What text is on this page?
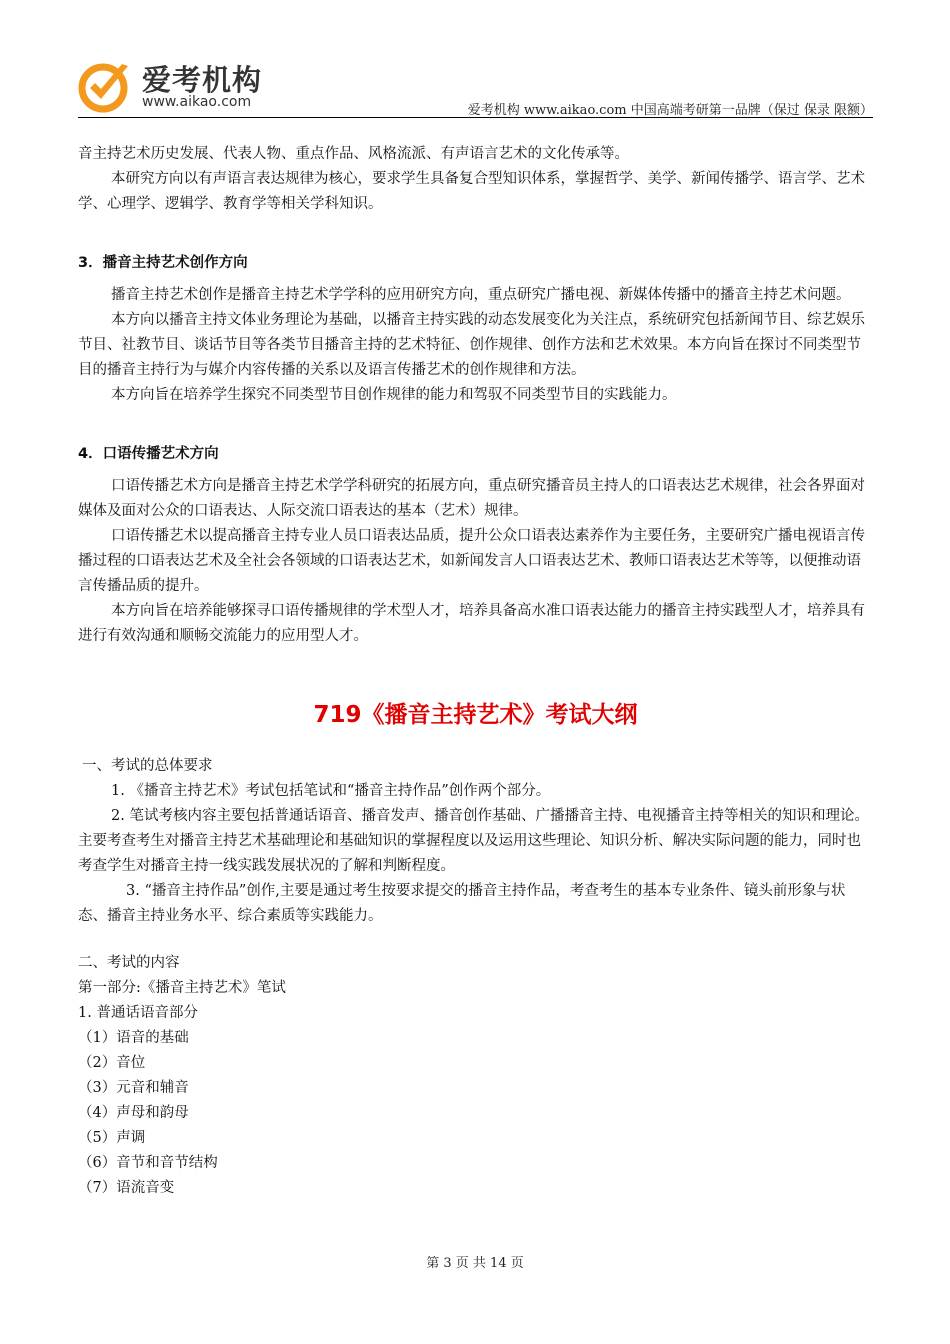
爱考机构
www.aikao.com
爱考机构 www.aikao.com 中国高端考研第一品牌（保过 保录 限额）

音主持艺术历史发展、代表人物、重点作品、风格流派、有声语言艺术的文化传承等。

本研究方向以有声语言表达规律为核心，要求学生具备复合型知识体系，掌握哲学、美学、新闻传播学、语言学、艺术学、心理学、逻辑学、教育学等相关学科知识。

3．播音主持艺术创作方向

播音主持艺术创作是播音主持艺术学学科的应用研究方向，重点研究广播电视、新媒体传播中的播音主持艺术问题。

本方向以播音主持文体业务理论为基础，以播音主持实践的动态发展变化为关注点，系统研究包括新闻节目、综艺娱乐节目、社教节目、谈话节目等各类节目播音主持的艺术特征、创作规律、创作方法和艺术效果。本方向旨在探讨不同类型节目的播音主持行为与媒介内容传播的关系以及语言传播艺术的创作规律和方法。

本方向旨在培养学生探究不同类型节目创作规律的能力和驾驭不同类型节目的实践能力。

4．口语传播艺术方向

口语传播艺术方向是播音主持艺术学学科研究的拓展方向，重点研究播音员主持人的口语表达艺术规律，社会各界面对媒体及面对公众的口语表达、人际交流口语表达的基本（艺术）规律。

口语传播艺术以提高播音主持专业人员口语表达品质，提升公众口语表达素养作为主要任务，主要研究广播电视语言传播过程的口语表达艺术及全社会各领域的口语表达艺术，如新闻发言人口语表达艺术、教师口语表达艺术等等，以便推动语言传播品质的提升。

本方向旨在培养能够探寻口语传播规律的学术型人才，培养具备高水准口语表达能力的播音主持实践型人才，培养具有进行有效沟通和顺畅交流能力的应用型人才。

719《播音主持艺术》考试大纲

一、考试的总体要求

1. 《播音主持艺术》考试包括笔试和“播音主持作品”创作两个部分。

2. 笔试考核内容主要包括普通话语音、播音发声、播音创作基础、广播播音主持、电视播音主持等相关的知识和理论。主要考查考生对播音主持艺术基础理论和基础知识的掌握程度以及运用这些理论、知识分析、解决实际问题的能力，同时也考查学生对播音主持一线实践发展状况的了解和判断程度。

3. “播音主持作品”创作,主要是通过考生按要求提交的播音主持作品，考查考生的基本专业条件、镜头前形象与状态、播音主持业务水平、综合素质等实践能力。

二、考试的内容

第一部分:《播音主持艺术》笔试

1. 普通话语音部分

（1）语音的基础

（2）音位

（3）元音和辅音

（4）声母和韵母

（5）声调

（6）音节和音节结构

（7）语流音变

第 3 页 共 14 页
